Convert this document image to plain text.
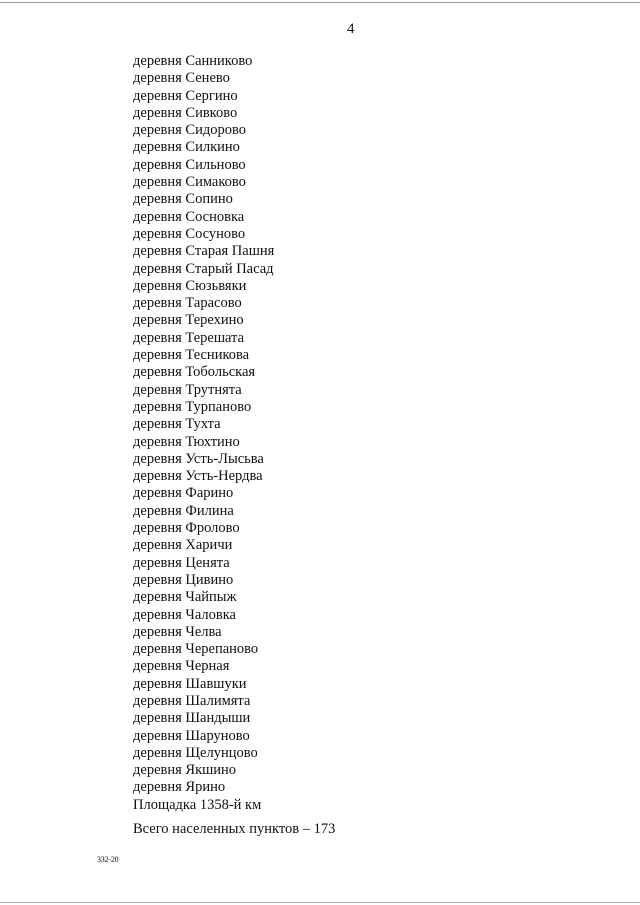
4
деревня Санниково
деревня Сенево
деревня Сергино
деревня Сивково
деревня Сидорово
деревня Силкино
деревня Сильново
деревня Симаково
деревня Сопино
деревня Сосновка
деревня Сосуново
деревня Старая Пашня
деревня Старый Пасад
деревня Сюзьвяки
деревня Тарасово
деревня Терехино
деревня Терешата
деревня Тесникова
деревня Тобольская
деревня Трутнята
деревня Турпаново
деревня Тухта
деревня Тюхтино
деревня Усть-Лысьва
деревня Усть-Нердва
деревня Фарино
деревня Филина
деревня Фролово
деревня Харичи
деревня Ценята
деревня Цивино
деревня Чайпыж
деревня Чаловка
деревня Челва
деревня Черепаново
деревня Черная
деревня Шавшуки
деревня Шалимята
деревня Шандыши
деревня Шаруново
деревня Щелунцово
деревня Якшино
деревня Ярино
Площадка 1358-й км
Всего населенных пунктов – 173
332-20
